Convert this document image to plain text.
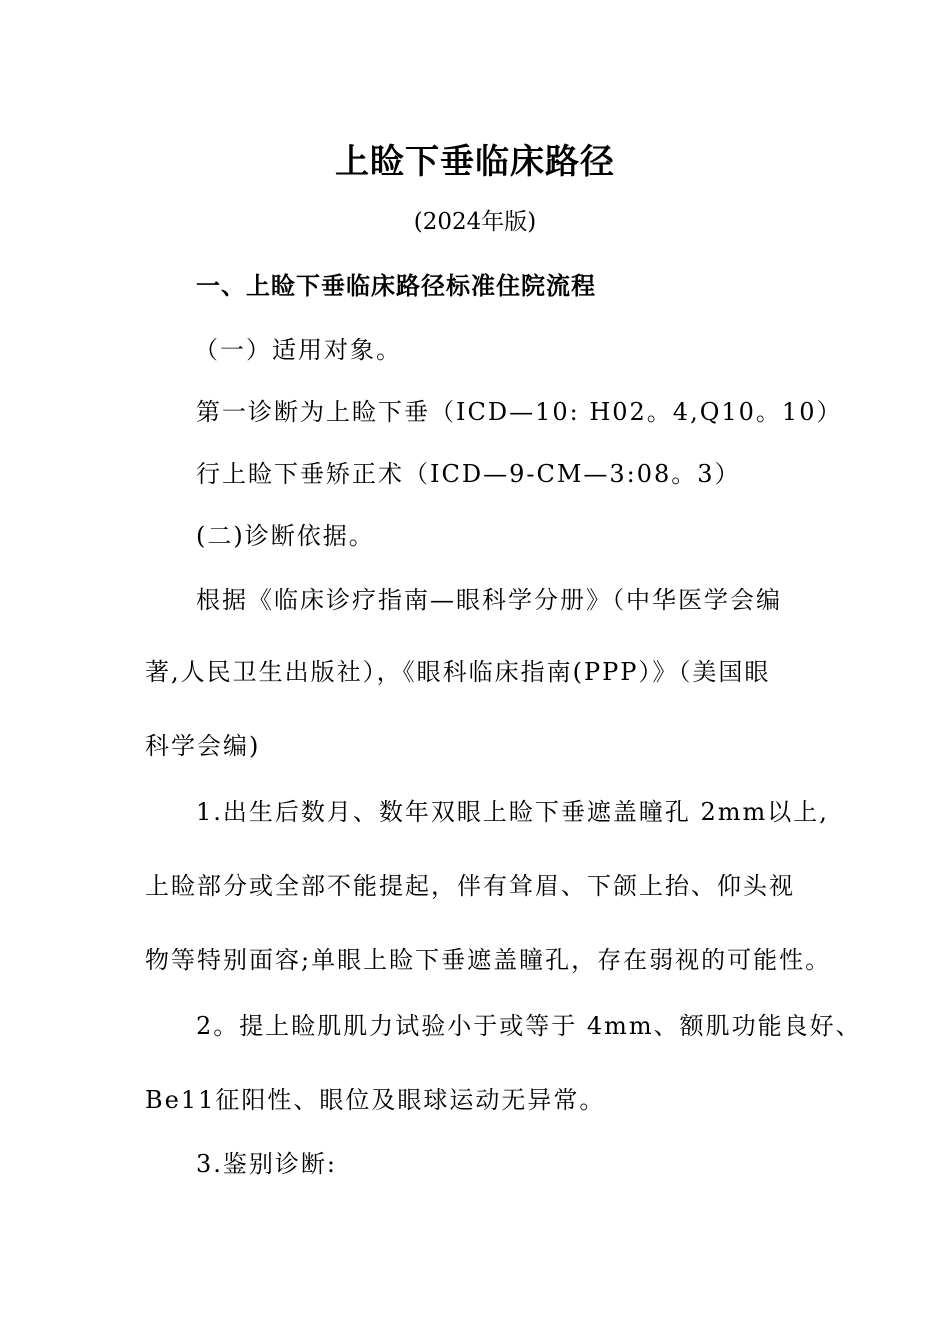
上睑下垂临床路径
(2024年版)
一、上睑下垂临床路径标准住院流程
（一）适用对象。
第一诊断为上睑下垂（ICD—10: H02。4,Q10。10）
行上睑下垂矫正术（ICD—9-CM—3:08。3）
(二)诊断依据。
根据《临床诊疗指南—眼科学分册》（中华医学会编
著,人民卫生出版社），《眼科临床指南(PPP）》（美国眼
科学会编)
1.出生后数月、数年双眼上睑下垂遮盖瞳孔 2mm以上,
上睑部分或全部不能提起，伴有耸眉、下颌上抬、仰头视
物等特别面容;单眼上睑下垂遮盖瞳孔，存在弱视的可能性。
2。提上睑肌肌力试验小于或等于 4mm、额肌功能良好、
Be11征阳性、眼位及眼球运动无异常。
3.鉴别诊断:
